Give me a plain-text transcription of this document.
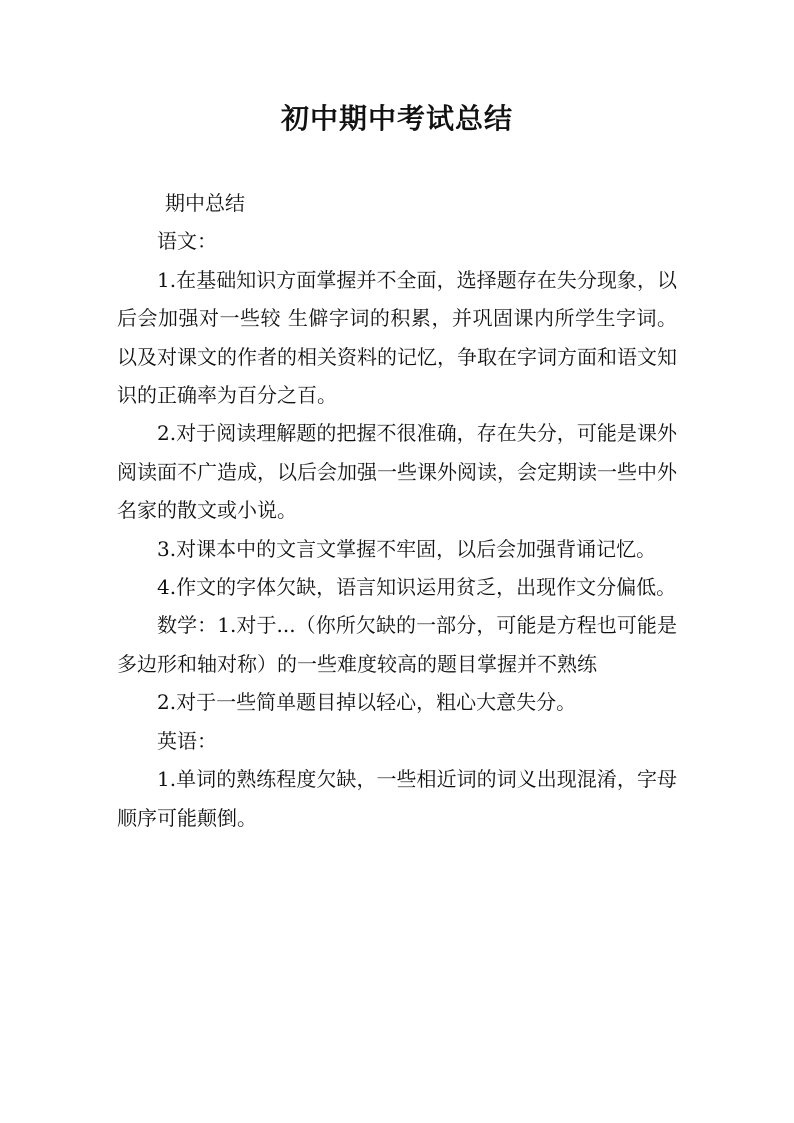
初中期中考试总结

期中总结

语文：

1.在基础知识方面掌握并不全面，选择题存在失分现象，以后会加强对一些较 生僻字词的积累，并巩固课内所学生字词。以及对课文的作者的相关资料的记忆，争取在字词方面和语文知识的正确率为百分之百。

2.对于阅读理解题的把握不很准确，存在失分，可能是课外阅读面不广造成，以后会加强一些课外阅读，会定期读一些中外名家的散文或小说。

3.对课本中的文言文掌握不牢固，以后会加强背诵记忆。

4.作文的字体欠缺，语言知识运用贫乏，出现作文分偏低。

数学：1.对于...（你所欠缺的一部分，可能是方程也可能是多边形和轴对称）的一些难度较高的题目掌握并不熟练

2.对于一些简单题目掉以轻心，粗心大意失分。

英语：

1.单词的熟练程度欠缺，一些相近词的词义出现混淆，字母顺序可能颠倒。
